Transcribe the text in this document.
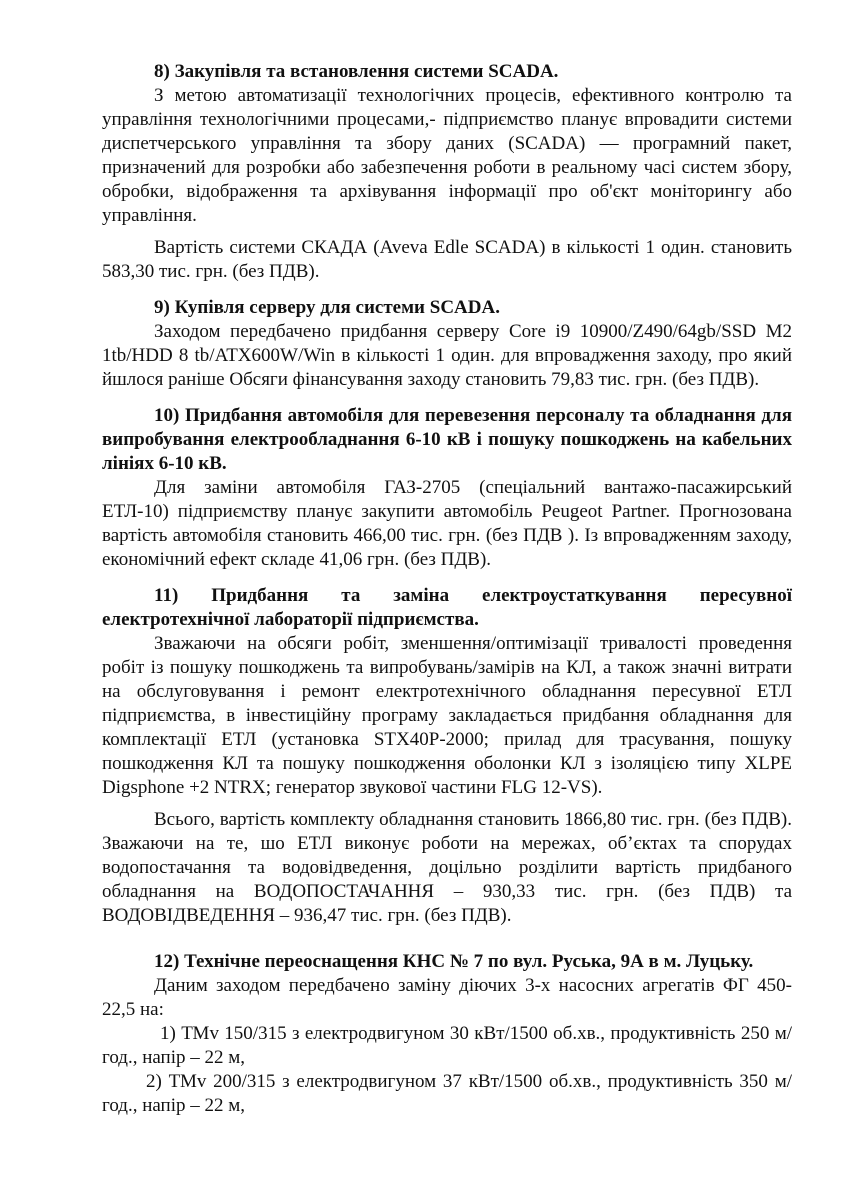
8) Закупівля та встановлення системи SCADA.

З метою автоматизації технологічних процесів, ефективного контролю та управління технологічними процесами,- підприємство планує впровадити системи диспетчерського управління та збору даних (SCADA) — програмний пакет, призначений для розробки або забезпечення роботи в реальному часі систем збору, обробки, відображення та архівування інформації про об'єкт моніторингу або управління.

Вартість системи СКАДА (Aveva Edle SCADA) в кількості 1 один. становить 583,30 тис. грн. (без ПДВ).

9) Купівля серверу для системи SCADA.

Заходом передбачено придбання серверу Core i9 10900/Z490/64gb/SSD M2 1tb/HDD 8 tb/ATX600W/Win в кількості 1 один. для впровадження заходу, про який йшлося раніше Обсяги фінансування заходу становить 79,83 тис. грн. (без ПДВ).

10) Придбання автомобіля для перевезення персоналу та обладнання для випробування електрообладнання 6-10 кВ і пошуку пошкоджень на кабельних лініях 6-10 кВ.

Для заміни автомобіля ГАЗ-2705 (спеціальний вантажо-пасажирський ЕТЛ-10) підприємству планує закупити автомобіль Peugeot Partner. Прогнозована вартість автомобіля становить 466,00 тис. грн. (без ПДВ ). Із впровадженням заходу, економічний ефект складе 41,06 грн. (без ПДВ).

11) Придбання та заміна електроустаткування пересувної електротехнічної лабораторії підприємства.

Зважаючи на обсяги робіт, зменшення/оптимізації тривалості проведення робіт із пошуку пошкоджень та випробувань/замірів на КЛ, а також значні витрати на обслуговування і ремонт електротехнічного обладнання пересувної ЕТЛ підприємства, в інвестиційну програму закладається придбання обладнання для комплектації ЕТЛ (установка STX40P-2000; прилад для трасування, пошуку пошкодження КЛ та пошуку пошкодження оболонки КЛ з ізоляцією типу XLPE Digsphone +2 NTRX; генератор звукової частини FLG 12-VS).

Всього, вартість комплекту обладнання становить 1866,80 тис. грн. (без ПДВ). Зважаючи на те, шо ЕТЛ виконує роботи на мережах, об’єктах та спорудах водопостачання та водовідведення, доцільно розділити вартість придбаного обладнання на ВОДОПОСТАЧАННЯ – 930,33 тис. грн. (без ПДВ) та ВОДОВІДВЕДЕННЯ – 936,47 тис. грн. (без ПДВ).

12) Технічне переоснащення КНС № 7 по вул. Руська, 9А в м. Луцьку.

Даним заходом передбачено заміну діючих 3-х насосних агрегатів ФГ 450-22,5 на:

1) ТМv 150/315 з електродвигуном 30 кВт/1500 об.хв., продуктивність 250 м/год., напір – 22 м,

2) ТМv 200/315 з електродвигуном 37 кВт/1500 об.хв., продуктивність 350 м/год., напір – 22 м,
